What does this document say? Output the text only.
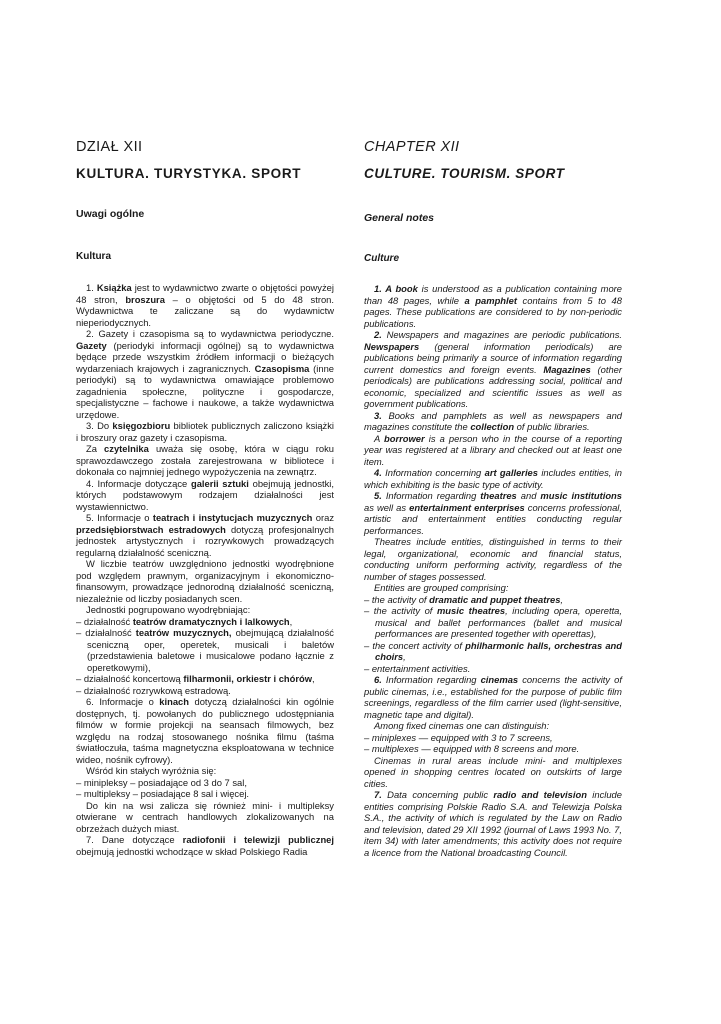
DZIAŁ XII
KULTURA. TURYSTYKA. SPORT
Uwagi ogólne
Kultura

1. Książka jest to wydawnictwo zwarte o objętości powyżej 48 stron, broszura – o objętości od 5 do 48 stron. Wydawnictwa te zaliczane są do wydawnictw nieperiodycznych.

2. Gazety i czasopisma są to wydawnictwa periodyczne. Gazety (periodyki informacji ogólnej) są to wydawnictwa będące przede wszystkim źródłem informacji o bieżących wydarzeniach krajowych i zagranicznych. Czasopisma (inne periodyki) są to wydawnictwa omawiające problemowo zagadnienia społeczne, polityczne i gospodarcze, specjalistyczne – fachowe i naukowe, a także wydawnictwa urzędowe.

3. Do księgozbioru bibliotek publicznych zaliczono książki i broszury oraz gazety i czasopisma.

Za czytelnika uważa się osobę, która w ciągu roku sprawozdawczego została zarejestrowana w bibliotece i dokonała co najmniej jednego wypożyczenia na zewnątrz.

4. Informacje dotyczące galerii sztuki obejmują jednostki, których podstawowym rodzajem działalności jest wystawiennictwo.

5. Informacje o teatrach i instytucjach muzycznych oraz przedsiębiorstwach estradowych dotyczą profesjonalnych jednostek artystycznych i rozrywkowych prowadzących regularną działalność sceniczną.

W liczbie teatrów uwzględniono jednostki wyodrębnione pod względem prawnym, organizacyjnym i ekonomiczno-finansowym, prowadzące jednorodną działalność sceniczną, niezależnie od liczby posiadanych scen.

Jednostki pogrupowano wyodrębniając:

– działalność teatrów dramatycznych i lalkowych,

– działalność teatrów muzycznych, obejmującą działalność sceniczną oper, operetek, musicali i baletów (przedstawienia baletowe i musicalowe podano łącznie z operetkowymi),

– działalność koncertową filharmonii, orkiestr i chórów,

– działalność rozrywkową estradową.

6. Informacje o kinach dotyczą działalności kin ogólnie dostępnych, tj. powołanych do publicznego udostępniania filmów w formie projekcji na seansach filmowych, bez względu na rodzaj stosowanego nośnika filmu (taśma światłoczuła, taśma magnetyczna eksploatowana w technice wideo, nośnik cyfrowy).

Wśród kin stałych wyróżnia się:

– minipleksy – posiadające od 3 do 7 sal,

– multipleksy – posiadające 8 sal i więcej.

Do kin na wsi zalicza się również mini- i multipleksy otwierane w centrach handlowych zlokalizowanych na obrzeżach dużych miast.

7. Dane dotyczące radiofonii i telewizji publicznej obejmują jednostki wchodzące w skład Polskiego Radia

CHAPTER XII
CULTURE. TOURISM. SPORT
General notes
Culture

1. A book is understood as a publication containing more than 48 pages, while a pamphlet contains from 5 to 48 pages. These publications are considered to by non-periodic publications.

2. Newspapers and magazines are periodic publications. Newspapers (general information periodicals) are publications being primarily a source of information regarding current domestics and foreign events. Magazines (other periodicals) are publications addressing social, political and economic, specialized and scientific issues as well as government publications.

3. Books and pamphlets as well as newspapers and magazines constitute the collection of public libraries.

A borrower is a person who in the course of a reporting year was registered at a library and checked out at least one item.

4. Information concerning art galleries includes entities, in which exhibiting is the basic type of activity.

5. Information regarding theatres and music institutions as well as entertainment enterprises concerns professional, artistic and entertainment entities conducting regular performances.

Theatres include entities, distinguished in terms to their legal, organizational, economic and financial status, conducting uniform performing activity, regardless of the number of stages possessed.

Entities are grouped comprising:

– the activity of dramatic and puppet theatres,

– the activity of music theatres, including opera, operetta, musical and ballet performances (ballet and musical performances are presented together with operettas),

– the concert activity of philharmonic halls, orchestras and choirs,

– entertainment activities.

6. Information regarding cinemas concerns the activity of public cinemas, i.e., established for the purpose of public film screenings, regardless of the film carrier used (light-sensitive, magnetic tape and digital).

Among fixed cinemas one can distinguish:

– miniplexes — equipped with 3 to 7 screens,

– multiplexes — equipped with 8 screens and more.

Cinemas in rural areas include mini- and multiplexes opened in shopping centres located on outskirts of large cities.

7. Data concerning public radio and television include entities comprising Polskie Radio S.A. and Telewizja Polska S.A., the activity of which is regulated by the Law on Radio and television, dated 29 XII 1992 (journal of Laws 1993 No. 7, item 34) with later amendments; this activity does not require a licence from the National broadcasting Council.
